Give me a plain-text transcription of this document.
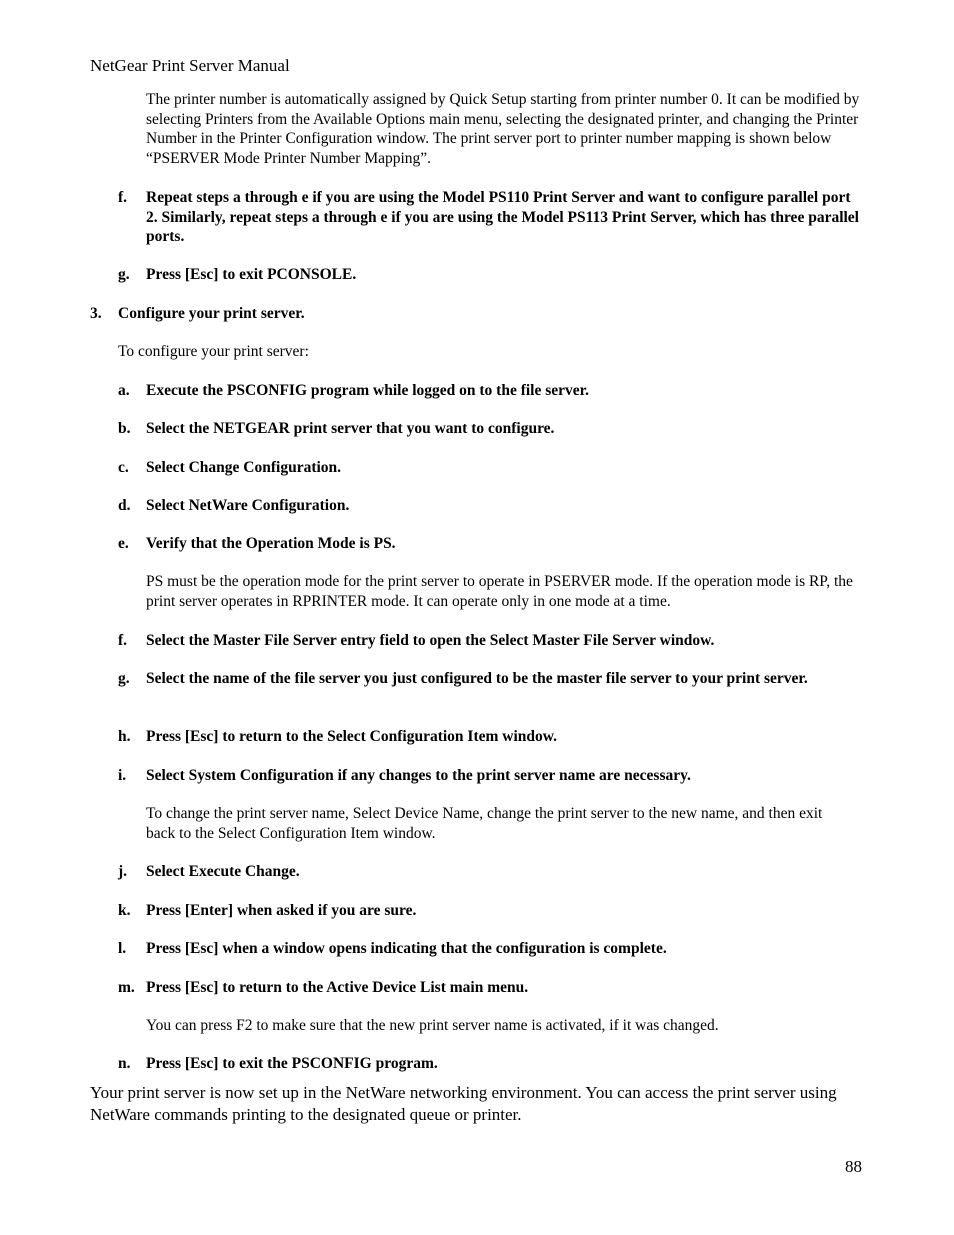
NetGear Print Server Manual
The printer number is automatically assigned by Quick Setup starting from printer number 0. It can be modified by selecting Printers from the Available Options main menu, selecting the designated printer, and changing the Printer Number in the Printer Configuration window. The print server port to printer number mapping is shown below “PSERVER Mode Printer Number Mapping”.
f. Repeat steps a through e if you are using the Model PS110 Print Server and want to configure parallel port 2. Similarly, repeat steps a through e if you are using the Model PS113 Print Server, which has three parallel ports.
g. Press [Esc] to exit PCONSOLE.
3. Configure your print server.
To configure your print server:
a. Execute the PSCONFIG program while logged on to the file server.
b. Select the NETGEAR print server that you want to configure.
c. Select Change Configuration.
d. Select NetWare Configuration.
e. Verify that the Operation Mode is PS.
PS must be the operation mode for the print server to operate in PSERVER mode. If the operation mode is RP, the print server operates in RPRINTER mode. It can operate only in one mode at a time.
f. Select the Master File Server entry field to open the Select Master File Server window.
g. Select the name of the file server you just configured to be the master file server to your print server.
h. Press [Esc] to return to the Select Configuration Item window.
i. Select System Configuration if any changes to the print server name are necessary.
To change the print server name, Select Device Name, change the print server to the new name, and then exit back to the Select Configuration Item window.
j. Select Execute Change.
k. Press [Enter] when asked if you are sure.
l. Press [Esc] when a window opens indicating that the configuration is complete.
m. Press [Esc] to return to the Active Device List main menu.
You can press F2 to make sure that the new print server name is activated, if it was changed.
n. Press [Esc] to exit the PSCONFIG program.
Your print server is now set up in the NetWare networking environment. You can access the print server using NetWare commands printing to the designated queue or printer.
88
